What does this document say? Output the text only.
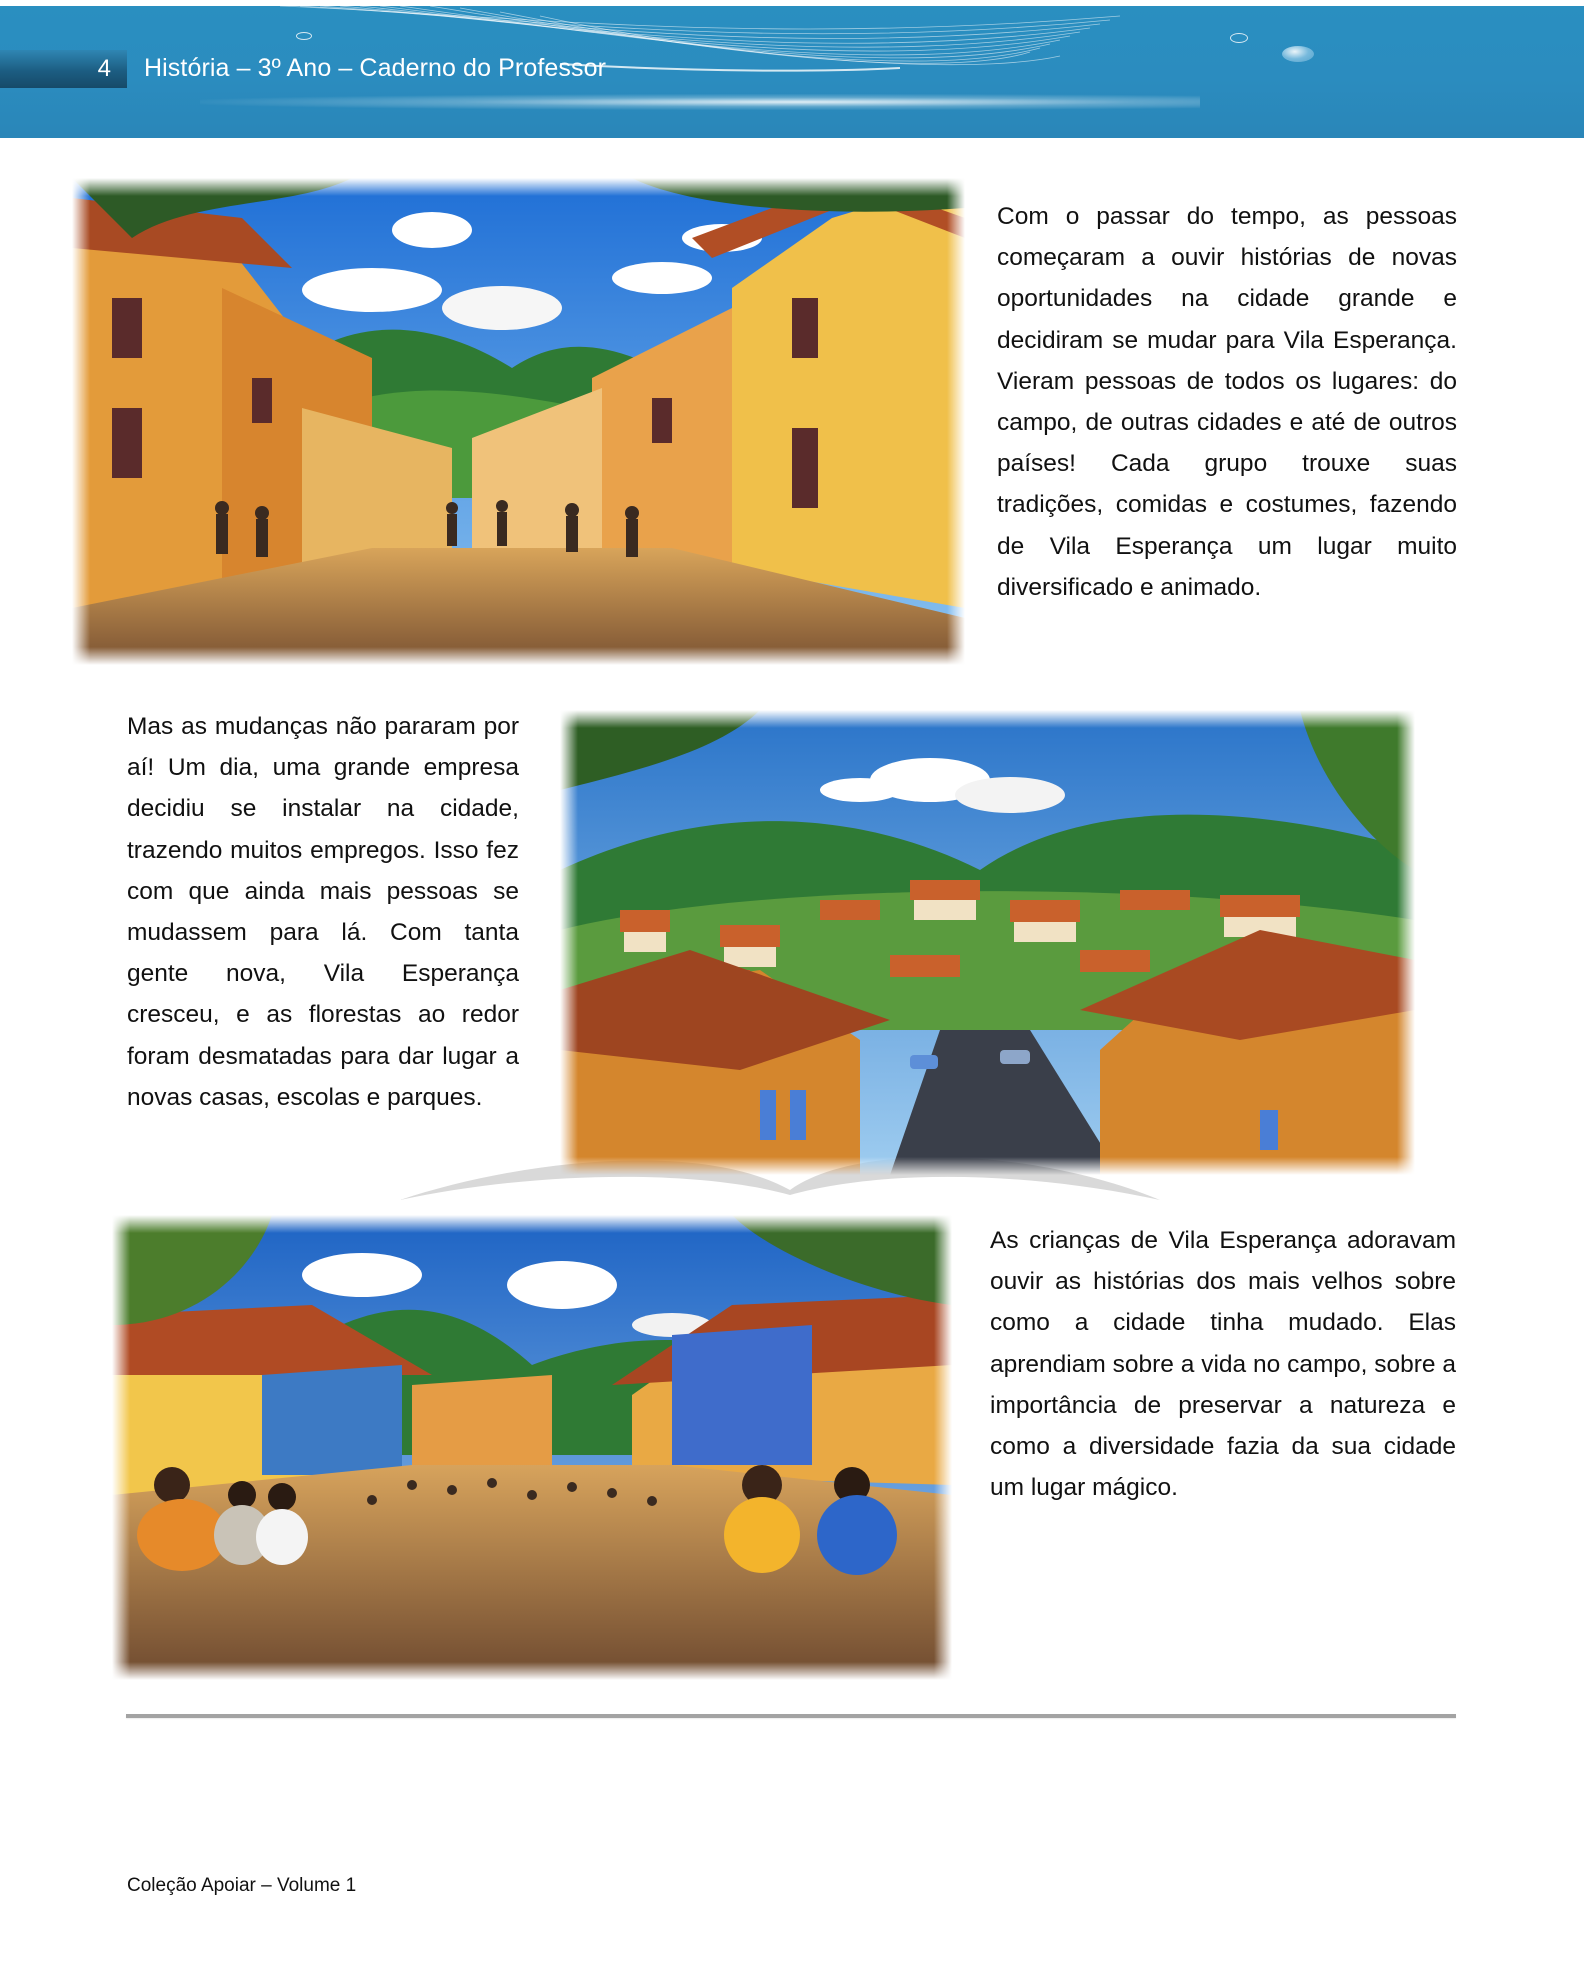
4 História – 3º Ano – Caderno do Professor

Com o passar do tempo, as pessoas começaram a ouvir histórias de novas oportunidades na cidade grande e decidiram se mudar para Vila Esperança. Vieram pessoas de todos os lugares: do campo, de outras cidades e até de outros países! Cada grupo trouxe suas tradições, comidas e costumes, fazendo de Vila Esperança um lugar muito diversificado e animado.

Mas as mudanças não pararam por aí! Um dia, uma grande empresa decidiu se instalar na cidade, trazendo muitos empregos. Isso fez com que ainda mais pessoas se mudassem para lá. Com tanta gente nova, Vila Esperança cresceu, e as florestas ao redor foram desmatadas para dar lugar a novas casas, escolas e parques.

As crianças de Vila Esperança adoravam ouvir as histórias dos mais velhos sobre como a cidade tinha mudado. Elas aprendiam sobre a vida no campo, sobre a importância de preservar a natureza e como a diversidade fazia da sua cidade um lugar mágico.

Coleção Apoiar – Volume 1
